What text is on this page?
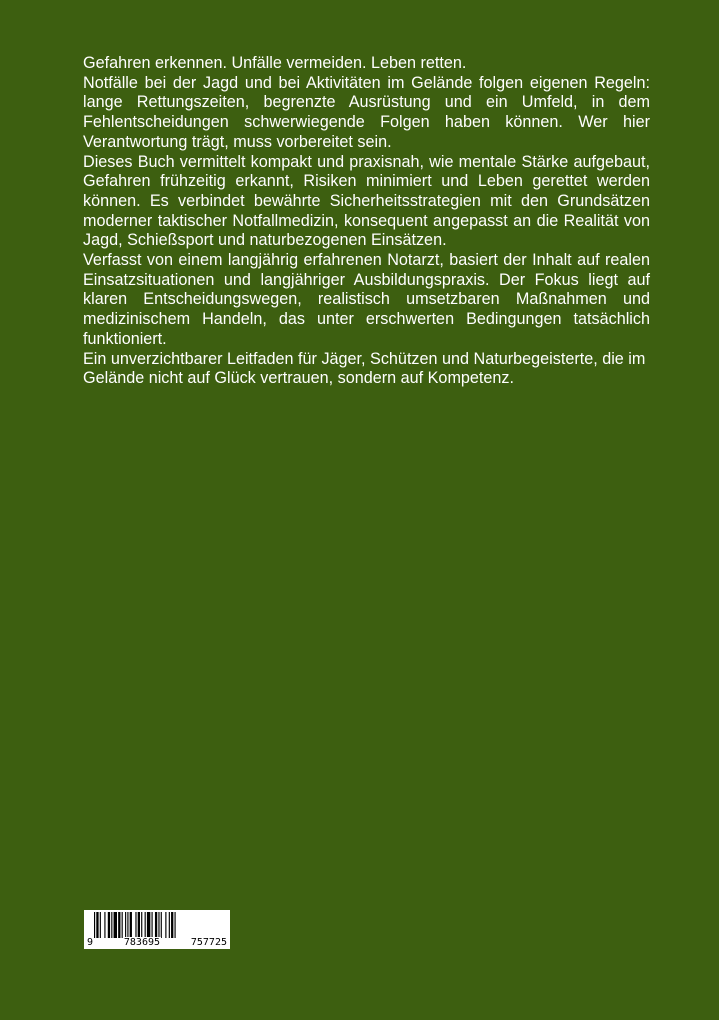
Gefahren erkennen. Unfälle vermeiden. Leben retten.

Notfälle bei der Jagd und bei Aktivitäten im Gelände folgen eigenen Regeln: lange Rettungszeiten, begrenzte Ausrüstung und ein Umfeld, in dem Fehlentscheidungen schwerwiegende Folgen haben können. Wer hier Verantwortung trägt, muss vorbereitet sein.

Dieses Buch vermittelt kompakt und praxisnah, wie mentale Stärke aufgebaut, Gefahren frühzeitig erkannt, Risiken minimiert und Leben gerettet werden können. Es verbindet bewährte Sicherheitsstrategien mit den Grundsätzen moderner taktischer Notfallmedizin, konsequent angepasst an die Realität von Jagd, Schießsport und naturbezogenen Einsätzen.

Verfasst von einem langjährig erfahrenen Notarzt, basiert der Inhalt auf realen Einsatzsituationen und langjähriger Ausbildungspraxis. Der Fokus liegt auf klaren Entscheidungswegen, realistisch umsetzbaren Maßnahmen und medizinischem Handeln, das unter erschwerten Bedingungen tatsächlich funktioniert.

Ein unverzichtbarer Leitfaden für Jäger, Schützen und Naturbegeisterte, die im Gelände nicht auf Glück vertrauen, sondern auf Kompetenz.

9	783695	757725
